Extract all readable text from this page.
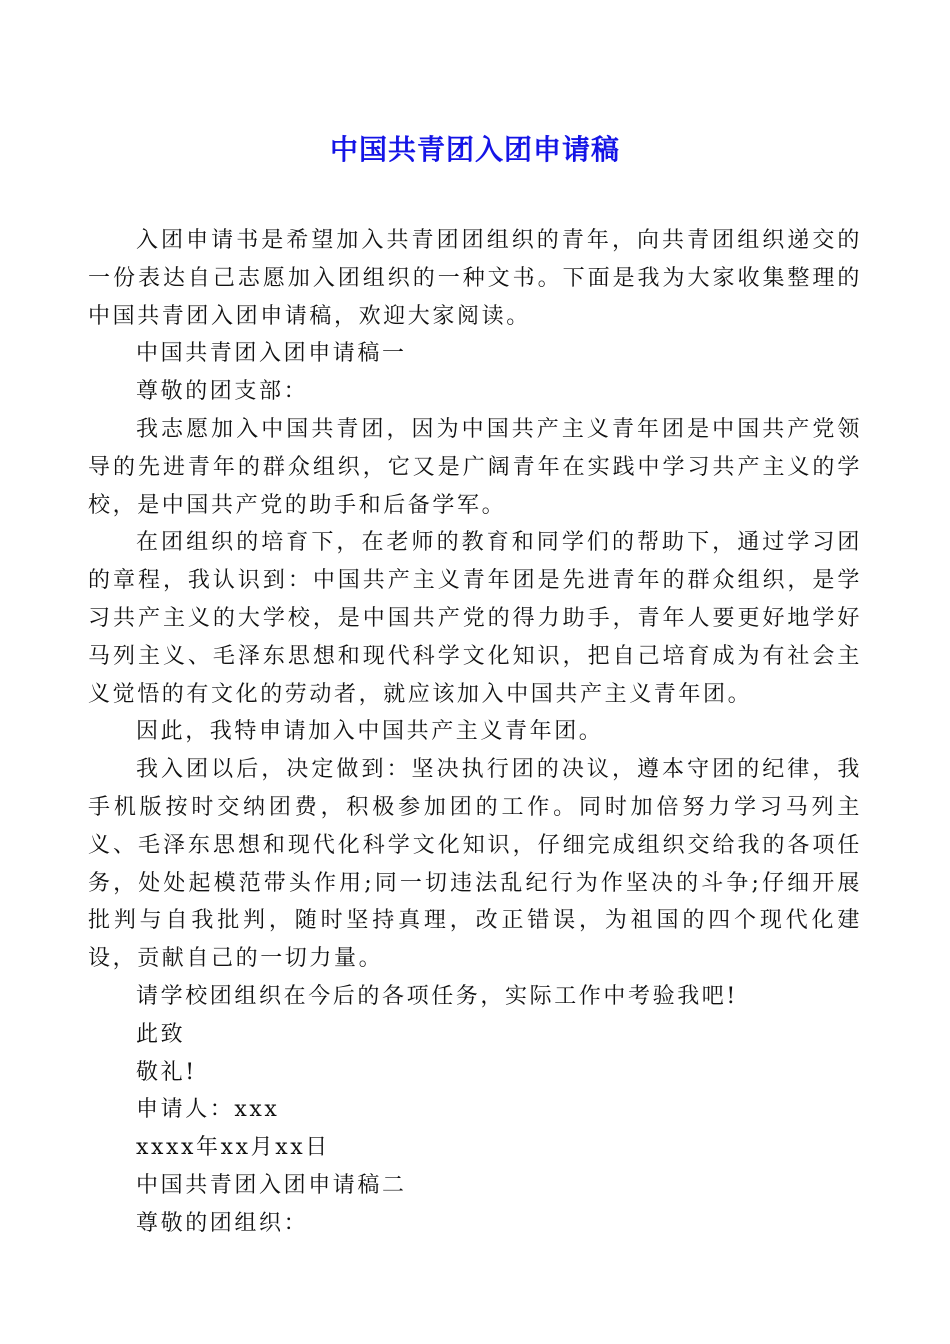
中国共青团入团申请稿

入团申请书是希望加入共青团团组织的青年，向共青团组织递交的一份表达自己志愿加入团组织的一种文书。下面是我为大家收集整理的中国共青团入团申请稿，欢迎大家阅读。

中国共青团入团申请稿一

尊敬的团支部：

我志愿加入中国共青团，因为中国共产主义青年团是中国共产党领导的先进青年的群众组织，它又是广阔青年在实践中学习共产主义的学校，是中国共产党的助手和后备学军。

在团组织的培育下，在老师的教育和同学们的帮助下，通过学习团的章程，我认识到：中国共产主义青年团是先进青年的群众组织，是学习共产主义的大学校，是中国共产党的得力助手，青年人要更好地学好马列主义、毛泽东思想和现代科学文化知识，把自己培育成为有社会主义觉悟的有文化的劳动者，就应该加入中国共产主义青年团。

因此，我特申请加入中国共产主义青年团。

我入团以后，决定做到：坚决执行团的决议，遵本守团的纪律，我手机版按时交纳团费，积极参加团的工作。同时加倍努力学习马列主义、毛泽东思想和现代化科学文化知识，仔细完成组织交给我的各项任务，处处起模范带头作用;同一切违法乱纪行为作坚决的斗争;仔细开展批判与自我批判，随时坚持真理，改正错误，为祖国的四个现代化建设，贡献自己的一切力量。

请学校团组织在今后的各项任务，实际工作中考验我吧!

此致

敬礼!

申请人：xxx

xxxx年xx月xx日

中国共青团入团申请稿二

尊敬的团组织：
